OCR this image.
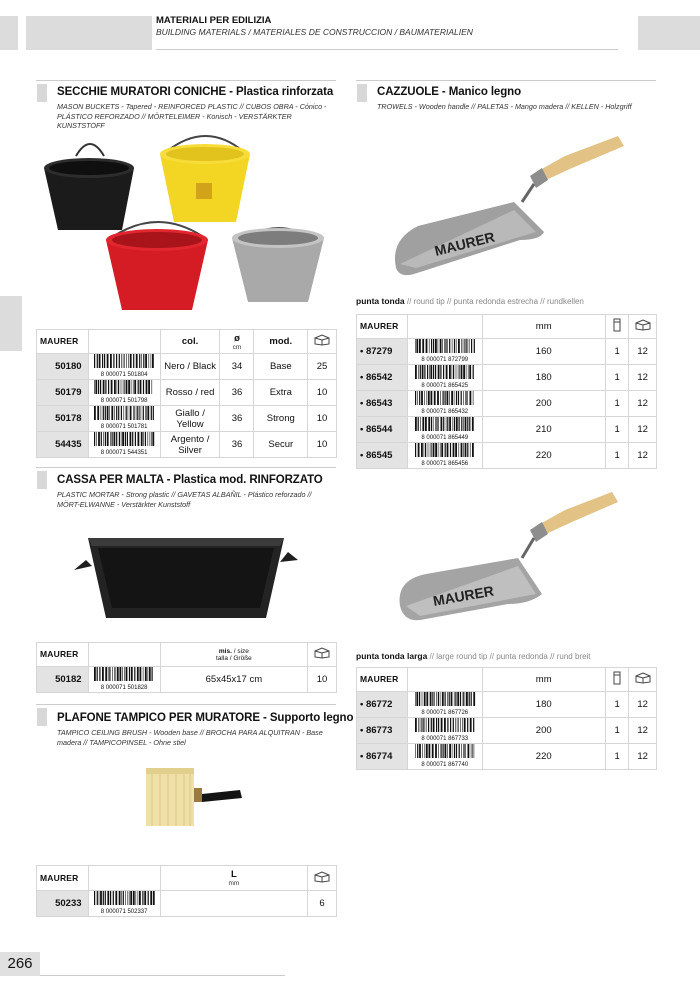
MATERIALI PER EDILIZIA
BUILDING MATERIALS / MATERIALES DE CONSTRUCCION / BAUMATERIALIEN
SECCHIE MURATORI CONICHE - Plastica rinforzata
MASON BUCKETS - Tapered - REINFORCED PLASTIC // CUBOS OBRA - Cónico - PLÁSTICO REFORZADO // MÖRTELEIMER - Konisch - VERSTÄRKTER KUNSTSTOFF
MAURER		col.	ø
cm	mod.	
50180	8 000071 501804	Nero / Black	34	Base	25
50179	8 000071 501798	Rosso / red	36	Extra	10
50178	8 000071 501781	Giallo / Yellow	36	Strong	10
54435	8 000071 544351	Argento / Silver	36	Secur	10
CASSA PER MALTA - Plastica mod. RINFORZATO
PLASTIC MORTAR - Strong plastic // GAVETAS ALBAÑIL - Plástico reforzado // MÖRT-ELWANNE - Verstärkter Kunststoff
MAURER		mis. / size
talla / Größe	
50182	8 000071 501828	65x45x17 cm	10
PLAFONE TAMPICO PER MURATORE - Supporto legno
TAMPICO CEILING BRUSH - Wooden base // BROCHA PARA ALQUITRAN - Base madera // TAMPICOPINSEL - Ohne stiel
MAURER		L
mm

50233	8 000071 502337		6
CAZZUOLE - Manico legno
TROWELS - Wooden handle // PALETAS - Mango madera // KELLEN - Holzgriff
MAURER
punta tonda // round tip // punta redonda estrecha // rundkellen
MAURER		mm		
• 87279	8 000071 872799	160	1	12
• 86542	8 000071 865425	180	1	12
• 86543	8 000071 865432	200	1	12
• 86544	8 000071 865449	210	1	12
• 86545	8 000071 865456	220	1	12
MAURER
punta tonda larga // large round tip // punta redonda // rund breit
MAURER		mm		
• 86772	8 000071 867726	180	1	12
• 86773	8 000071 867733	200	1	12
• 86774	8 000071 867740	220	1	12
266
